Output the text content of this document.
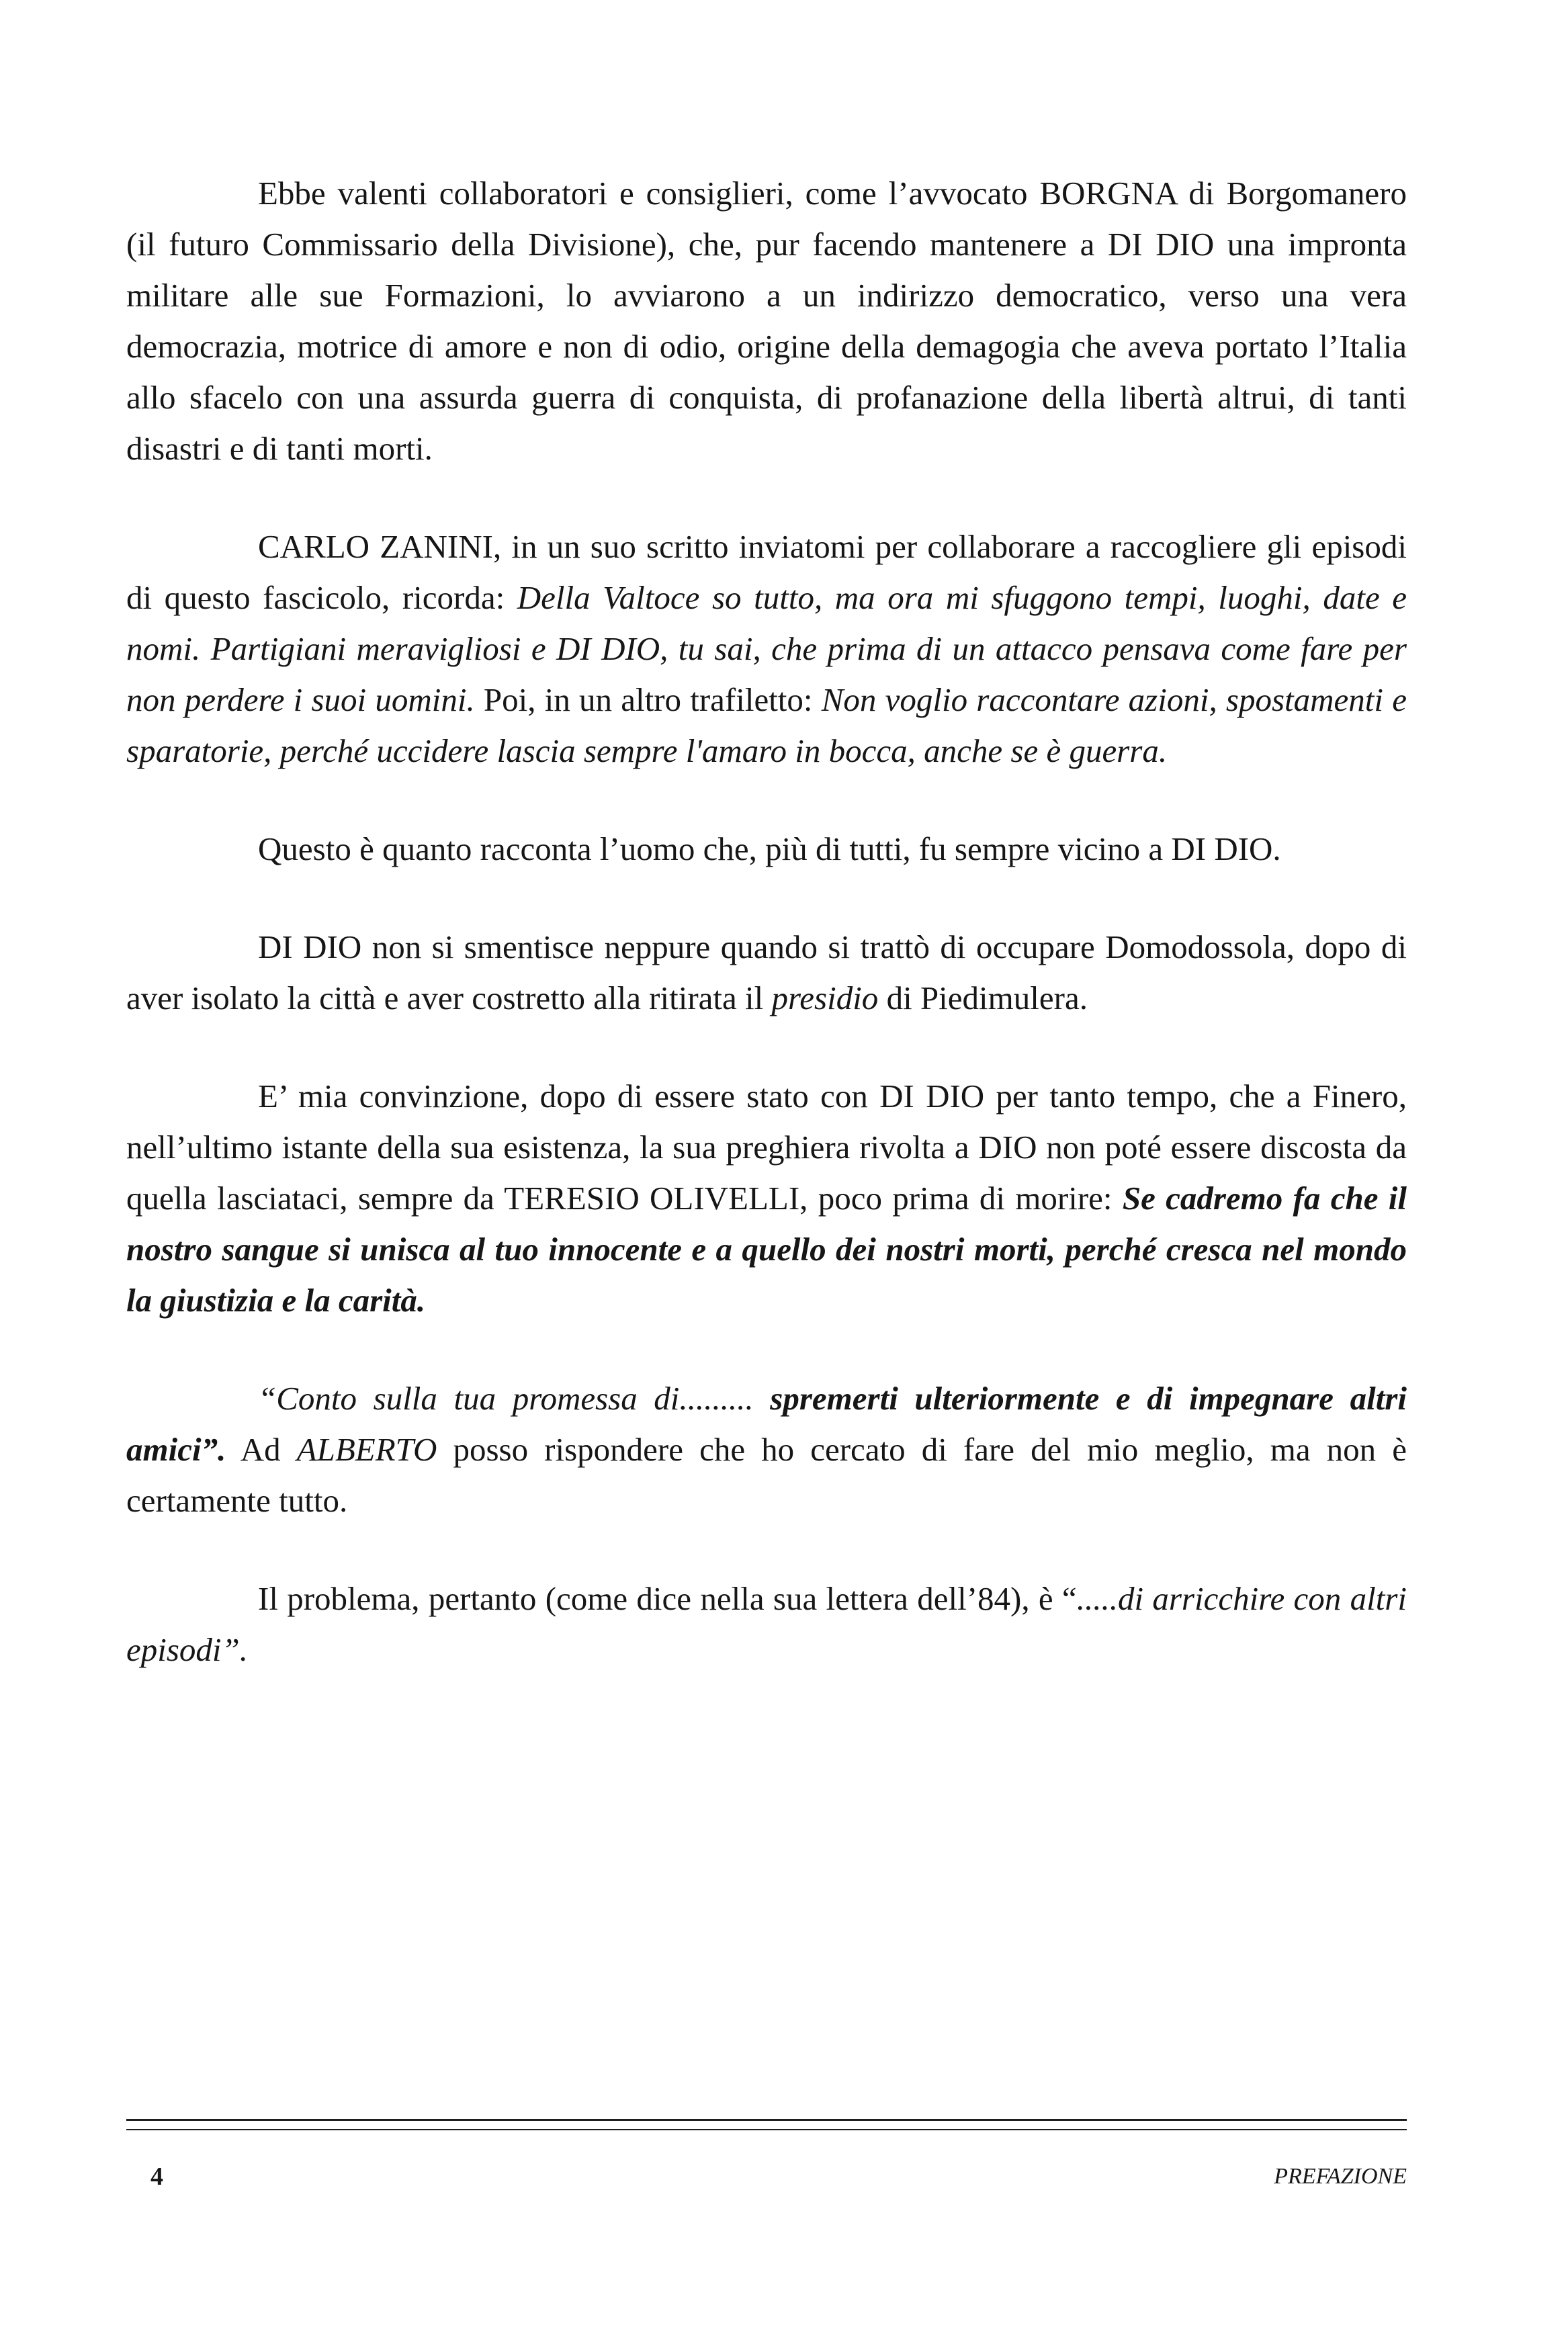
Ebbe valenti collaboratori e consiglieri, come l’avvocato BORGNA di Borgomanero (il futuro Commissario della Divisione), che, pur facendo mantenere a DI DIO una impronta militare alle sue Formazioni, lo avviarono a un indirizzo democratico, verso una vera democrazia, motrice di amore e non di odio, origine della demagogia che aveva portato l’Italia allo sfacelo con una assurda guerra di conquista, di profanazione della libertà altrui, di tanti disastri e di tanti morti.

CARLO ZANINI, in un suo scritto inviatomi per collaborare a raccogliere gli episodi di questo fascicolo, ricorda: Della Valtoce so tutto, ma ora mi sfuggono tempi, luoghi, date e nomi. Partigiani meravigliosi e DI DIO, tu sai, che prima di un attacco pensava come fare per non perdere i suoi uomini. Poi, in un altro trafiletto: Non voglio raccontare azioni, spostamenti e sparatorie, perché uccidere lascia sempre l'amaro in bocca, anche se è guerra.

Questo è quanto racconta l’uomo che, più di tutti, fu sempre vicino a DI DIO.

DI DIO non si smentisce neppure quando si trattò di occupare Domodossola, dopo di aver isolato la città e aver costretto alla ritirata il presidio di Piedimulera.

E’ mia convinzione, dopo di essere stato con DI DIO per tanto tempo, che a Finero, nell’ultimo istante della sua esistenza, la sua preghiera rivolta a DIO non poté essere discosta da quella lasciataci, sempre da TERESIO OLIVELLI, poco prima di morire: Se cadremo fa che il nostro sangue si unisca al tuo innocente e a quello dei nostri morti, perché cresca nel mondo la giustizia e la carità.

“Conto sulla tua promessa di......... spremerti ulteriormente e di impegnare altri amici”. Ad ALBERTO posso rispondere che ho cercato di fare del mio meglio, ma non è certamente tutto.

Il problema, pertanto (come dice nella sua lettera dell’84), è “.....di arricchire con altri episodi”.

4	PREFAZIONE
